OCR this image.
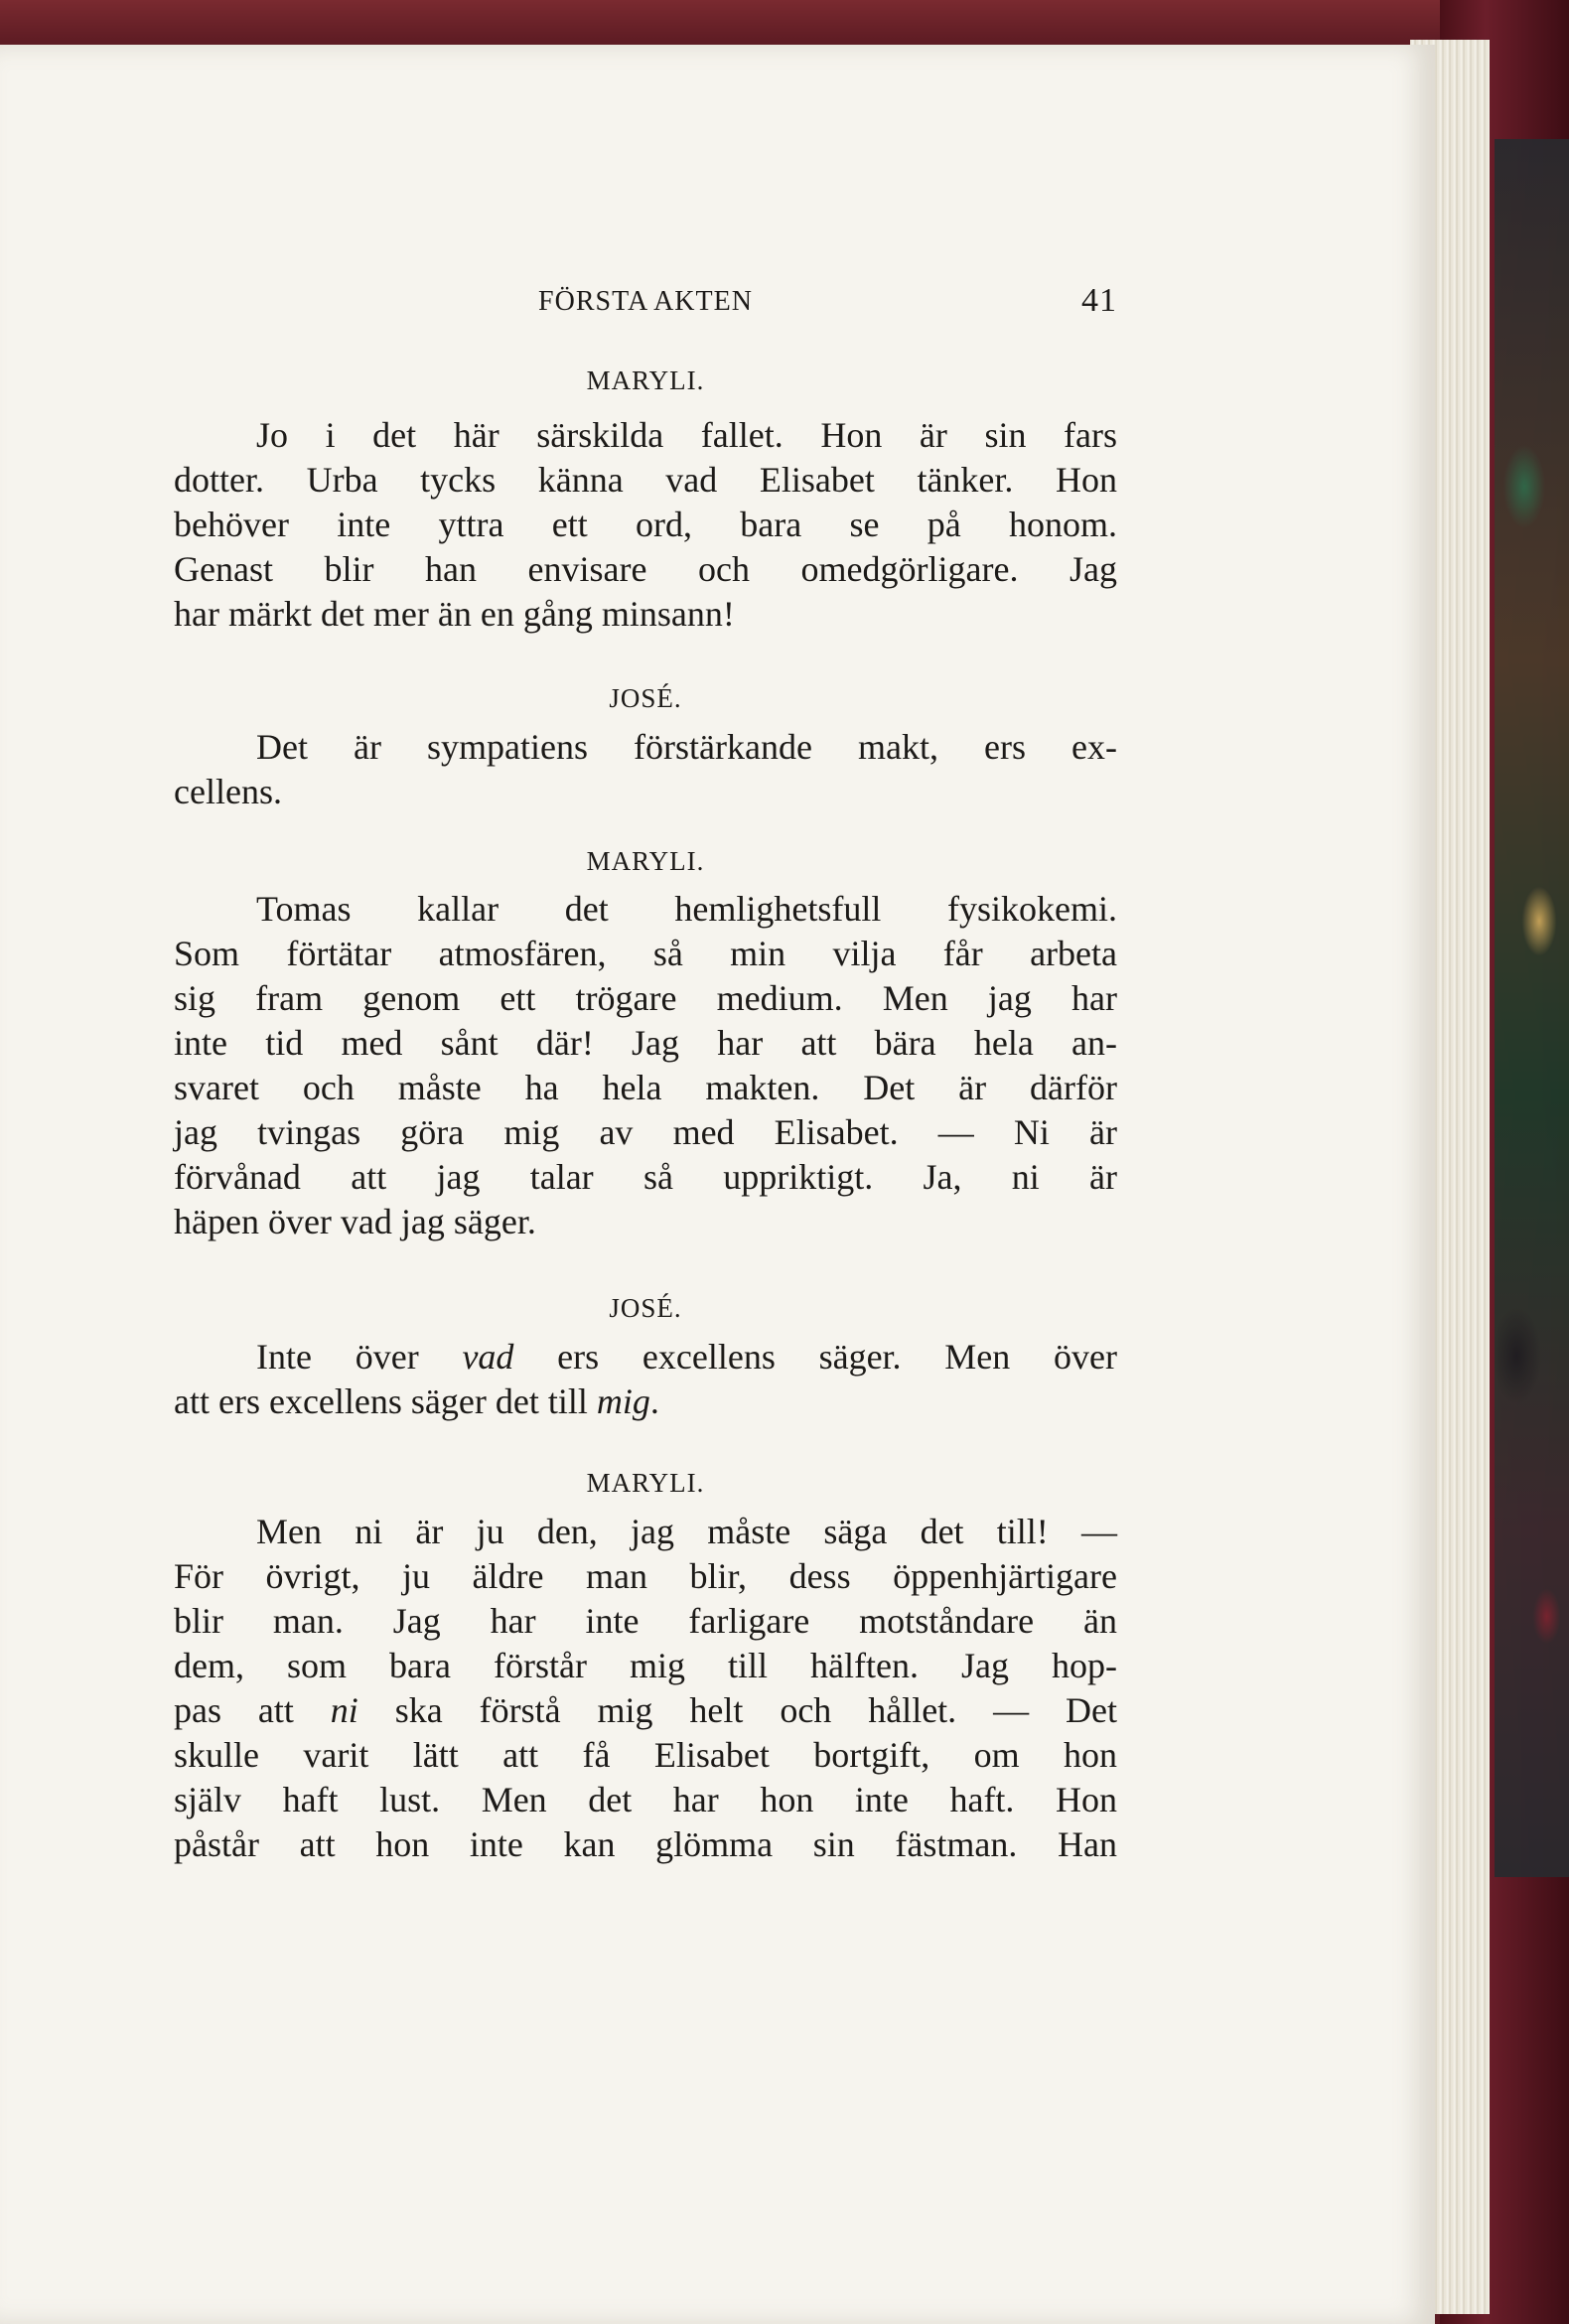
FÖRSTA AKTEN	41
MARYLI.
Jo i det här särskilda fallet. Hon är sin fars
dotter. Urba tycks känna vad Elisabet tänker. Hon
behöver inte yttra ett ord, bara se på honom.
Genast blir han envisare och omedgörligare. Jag
har märkt det mer än en gång minsann!
JOSÉ.
Det är sympatiens förstärkande makt, ers ex-
cellens.
MARYLI.
Tomas kallar det hemlighetsfull fysikokemi.
Som förtätar atmosfären, så min vilja får arbeta
sig fram genom ett trögare medium. Men jag har
inte tid med sånt där! Jag har att bära hela an-
svaret och måste ha hela makten. Det är därför
jag tvingas göra mig av med Elisabet. — Ni är
förvånad att jag talar så uppriktigt. Ja, ni är
häpen över vad jag säger.
JOSÉ.
Inte över vad ers excellens säger. Men över
att ers excellens säger det till mig.
MARYLI.
Men ni är ju den, jag måste säga det till! —
För övrigt, ju äldre man blir, dess öppenhjärtigare
blir man. Jag har inte farligare motståndare än
dem, som bara förstår mig till hälften. Jag hop-
pas att ni ska förstå mig helt och hållet. — Det
skulle varit lätt att få Elisabet bortgift, om hon
själv haft lust. Men det har hon inte haft. Hon
påstår att hon inte kan glömma sin fästman. Han
